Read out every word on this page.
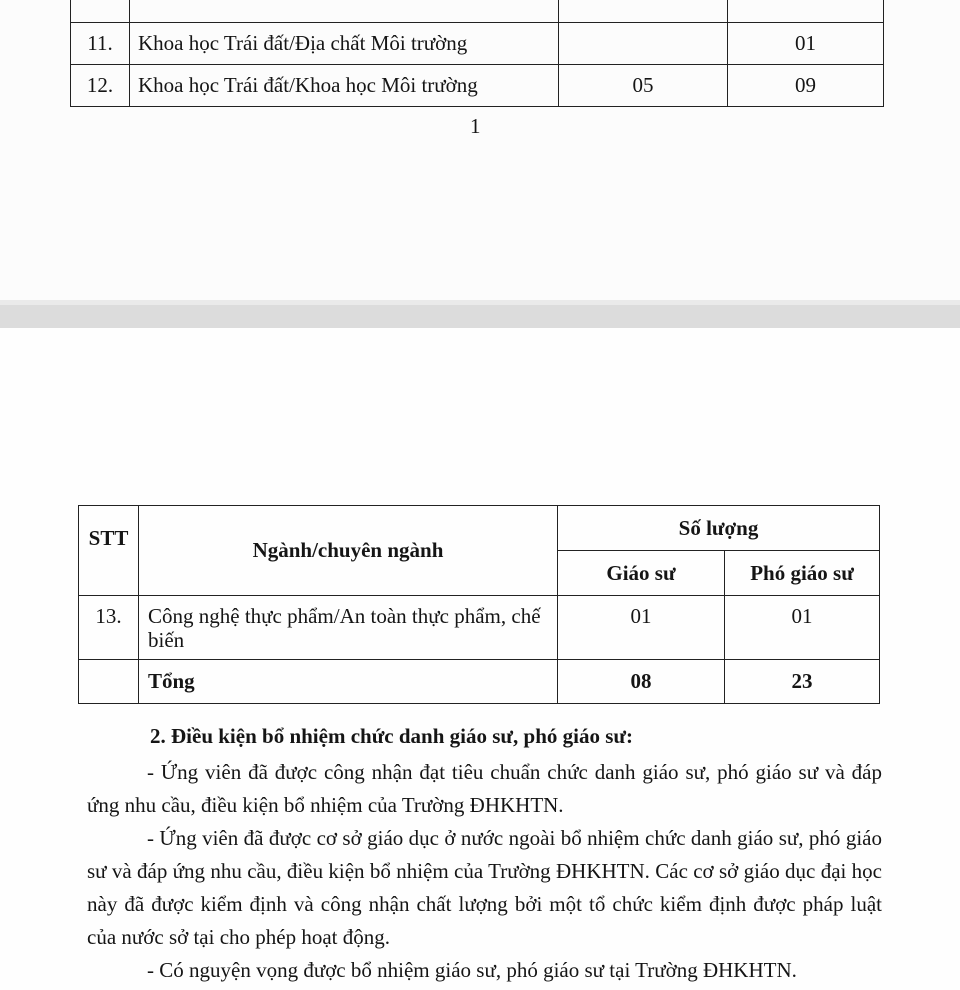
11.	Khoa học Trái đất/Địa chất Môi trường		01
12.	Khoa học Trái đất/Khoa học Môi trường	05	09
1
STT	Ngành/chuyên ngành	Số lượng	
		Giáo sư	Phó giáo sư
13.	Công nghệ thực phẩm/An toàn thực phẩm, chế biến	01	01
	Tổng	08	23
2. Điều kiện bổ nhiệm chức danh giáo sư, phó giáo sư:

- Ứng viên đã được công nhận đạt tiêu chuẩn chức danh giáo sư, phó giáo sư và đáp ứng nhu cầu, điều kiện bổ nhiệm của Trường ĐHKHTN.

- Ứng viên đã được cơ sở giáo dục ở nước ngoài bổ nhiệm chức danh giáo sư, phó giáo sư và đáp ứng nhu cầu, điều kiện bổ nhiệm của Trường ĐHKHTN. Các cơ sở giáo dục đại học này đã được kiểm định và công nhận chất lượng bởi một tổ chức kiểm định được pháp luật của nước sở tại cho phép hoạt động.

- Có nguyện vọng được bổ nhiệm giáo sư, phó giáo sư tại Trường ĐHKHTN.
